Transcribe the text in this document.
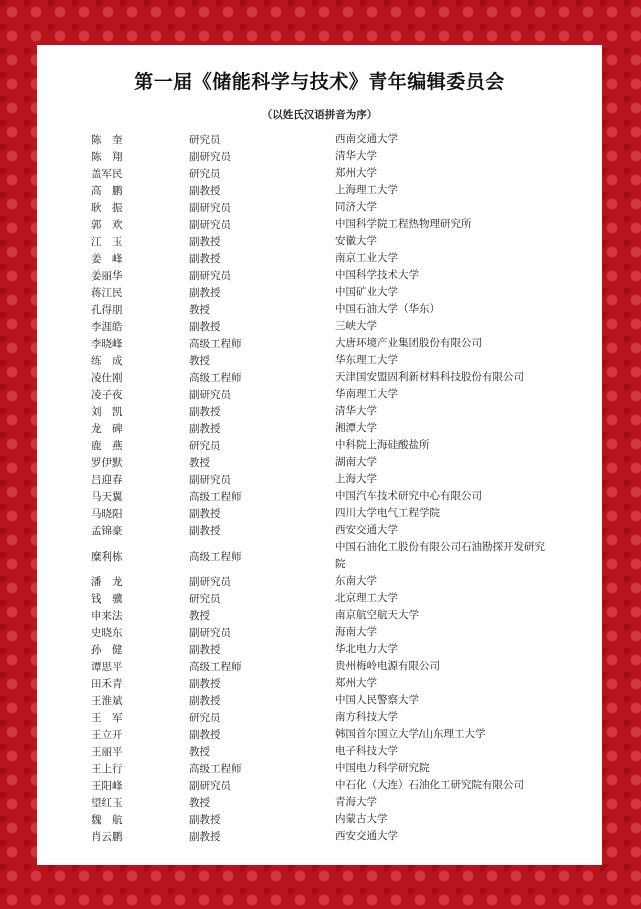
第一届《储能科学与技术》青年编辑委员会
（以姓氏汉语拼音为序）
陈　奎	研究员	西南交通大学
陈　翔	副研究员	清华大学
盖军民	研究员	郑州大学
高　鹏	副教授	上海理工大学
耿　振	副研究员	同济大学
郭　欢	副研究员	中国科学院工程热物理研究所
江　玉	副教授	安徽大学
姜　峰	副教授	南京工业大学
姜丽华	副研究员	中国科学技术大学
蒋江民	副教授	中国矿业大学
孔得朋	教授	中国石油大学（华东）
李涯皓	副教授	三峡大学
李晓峰	高级工程师	大唐环境产业集团股份有限公司
练　成	教授	华东理工大学
凌仕刚	高级工程师	天津国安盟固利新材料科技股份有限公司
凌子夜	副研究员	华南理工大学
刘　凯	副教授	清华大学
龙　碑	副教授	湘潭大学
鹿　燕	研究员	中科院上海硅酸盐所
罗伊默	教授	湖南大学
吕迎春	副研究员	上海大学
马天翼	高级工程师	中国汽车技术研究中心有限公司
马晓阳	副教授	四川大学电气工程学院
孟锦豪	副教授	西安交通大学
糜利栋	高级工程师
中国石油化工股份有限公司石油勘探开发研究院
潘　龙	副研究员	东南大学
钱　骥	研究员	北京理工大学
申来法	教授	南京航空航天大学
史晓东	副研究员	海南大学
孙　健	副教授	华北电力大学
谭思平	高级工程师	贵州梅岭电源有限公司
田禾青	副教授	郑州大学
王淮斌	副教授	中国人民警察大学
王　军	研究员	南方科技大学
王立开	副教授	韩国首尔国立大学/山东理工大学
王丽平	教授	电子科技大学
王上行	高级工程师	中国电力科学研究院
王阳峰	副研究员	中石化（大连）石油化工研究院有限公司
望红玉	教授	青海大学
魏　航	副教授	内蒙古大学
肖云鹏	副教授	西安交通大学
